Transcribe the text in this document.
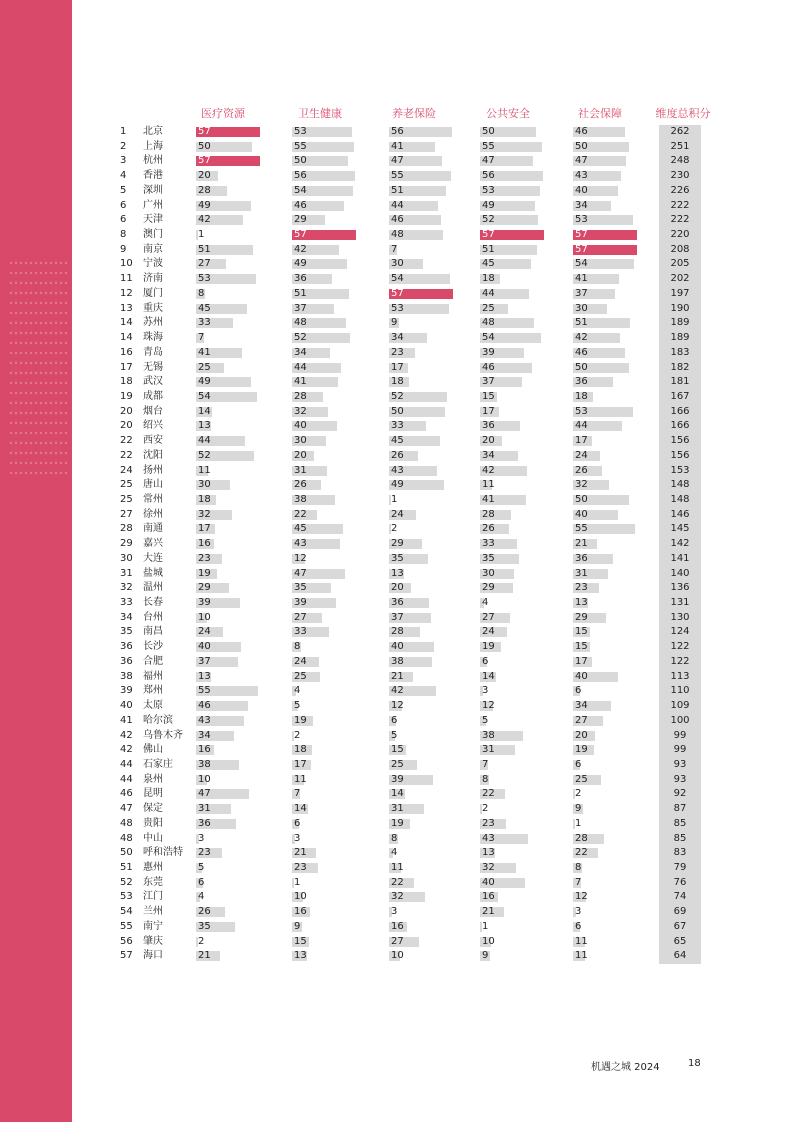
医疗资源	卫生健康	养老保险	公共安全	社会保障	维度总积分
1 北京	57	53	56	50	46	262
2 上海	50	55	41	55	50	251
3 杭州	57	50	47	47	47	248
4 香港	20	56	55	56	43	230
5 深圳	28	54	51	53	40	226
6 广州	49	46	44	49	34	222
6 天津	42	29	46	52	53	222
8 澳门	1	57	48	57	57	220
9 南京	51	42	7	51	57	208
10 宁波	27	49	30	45	54	205
11 济南	53	36	54	18	41	202
12 厦门	8	51	57	44	37	197
13 重庆	45	37	53	25	30	190
14 苏州	33	48	9	48	51	189
14 珠海	7	52	34	54	42	189
16 青岛	41	34	23	39	46	183
17 无锡	25	44	17	46	50	182
18 武汉	49	41	18	37	36	181
19 成都	54	28	52	15	18	167
20 烟台	14	32	50	17	53	166
20 绍兴	13	40	33	36	44	166
22 西安	44	30	45	20	17	156
22 沈阳	52	20	26	34	24	156
24 扬州	11	31	43	42	26	153
25 唐山	30	26	49	11	32	148
25 常州	18	38	1	41	50	148
27 徐州	32	22	24	28	40	146
28 南通	17	45	2	26	55	145
29 嘉兴	16	43	29	33	21	142
30 大连	23	12	35	35	36	141
31 盐城	19	47	13	30	31	140
32 温州	29	35	20	29	23	136
33 长春	39	39	36	4	13	131
34 台州	10	27	37	27	29	130
35 南昌	24	33	28	24	15	124
36 长沙	40	8	40	19	15	122
36 合肥	37	24	38	6	17	122
38 福州	13	25	21	14	40	113
39 郑州	55	4	42	3	6	110
40 太原	46	5	12	12	34	109
41 哈尔滨	43	19	6	5	27	100
42 乌鲁木齐 34	2	5	38	20	99
42 佛山	16	18	15	31	19	99
44 石家庄	38	17	25	7	6	93
44 泉州	10	11	39	8	25	93
46 昆明	47	7	14	22	2	92
47 保定	31	14	31	2	9	87
48 贵阳	36	6	19	23	1	85
48 中山	3	3	8	43	28	85
50 呼和浩特 23	21	4	13	22	83
51 惠州	5	23	11	32	8	79
52 东莞	6	1	22	40	7	76
53 江门	4	10	32	16	12	74
54 兰州	26	16	3	21	3	69
55 南宁	35	9	16	1	6	67
56 肇庆	2	15	27	10	11	65
57 海口	21	13	10	9	11	64
机遇之城 2024	18
